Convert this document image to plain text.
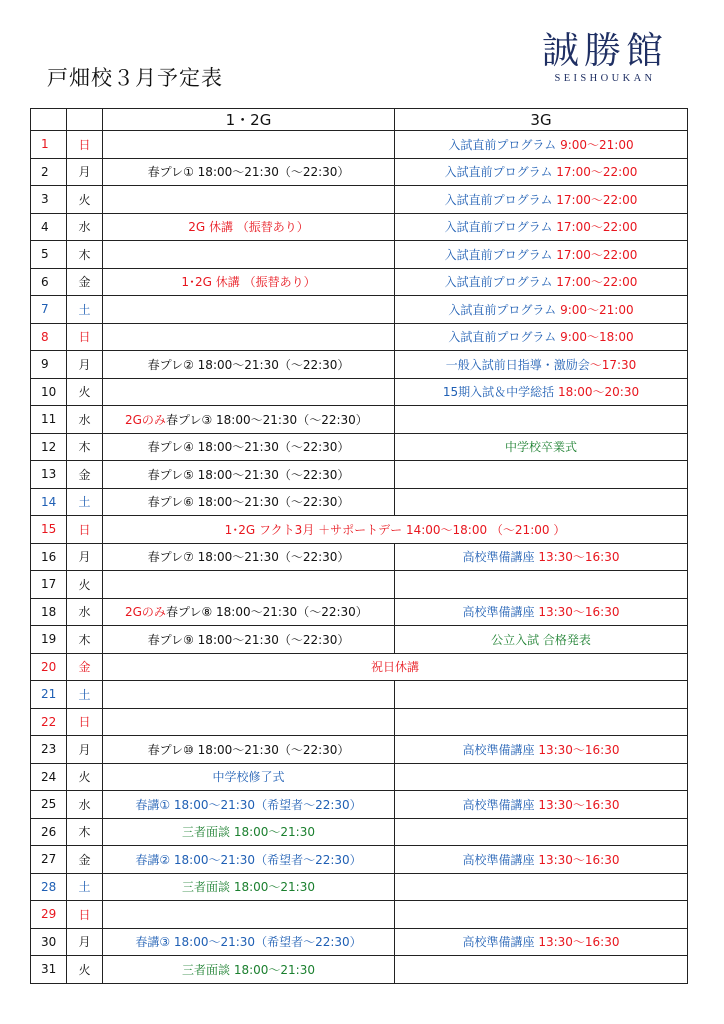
戸畑校３月予定表
誠勝館
SEISHOUKAN
		1・2G	3G
1	日		入試直前プログラム 9:00～21:00
2	月	春プレ① 18:00～21:30（～22:30）	入試直前プログラム 17:00～22:00
3	火		入試直前プログラム 17:00～22:00
4	水	2G 休講 （振替あり）	入試直前プログラム 17:00～22:00
5	木		入試直前プログラム 17:00～22:00
6	金	1･2G 休講 （振替あり）	入試直前プログラム 17:00～22:00
7	土		入試直前プログラム 9:00～21:00
8	日		入試直前プログラム 9:00～18:00
9	月	春プレ② 18:00～21:30（～22:30）	一般入試前日指導・激励会～17:30
10	火		15期入試＆中学総括 18:00～20:30
11	水	2Gのみ春プレ③ 18:00～21:30（～22:30）	
12	木	春プレ④ 18:00～21:30（～22:30）	中学校卒業式
13	金	春プレ⑤ 18:00～21:30（～22:30）	
14	土	春プレ⑥ 18:00～21:30（～22:30）	
15	日	1･2G フクト3月 ＋サポートデー 14:00～18:00 （～21:00 ）	
16	月	春プレ⑦ 18:00～21:30（～22:30）	高校準備講座 13:30～16:30
17	火		
18	水	2Gのみ春プレ⑧ 18:00～21:30（～22:30）	高校準備講座 13:30～16:30
19	木	春プレ⑨ 18:00～21:30（～22:30）	公立入試 合格発表
20	金	祝日休講	
21	土		
22	日		
23	月	春プレ⑩ 18:00～21:30（～22:30）	高校準備講座 13:30～16:30
24	火	中学校修了式	
25	水	春講① 18:00～21:30（希望者～22:30）	高校準備講座 13:30～16:30
26	木	三者面談 18:00～21:30	
27	金	春講② 18:00～21:30（希望者～22:30）	高校準備講座 13:30～16:30
28	土	三者面談 18:00～21:30	
29	日		
30	月	春講③ 18:00～21:30（希望者～22:30）	高校準備講座 13:30～16:30
31	火	三者面談 18:00～21:30	
